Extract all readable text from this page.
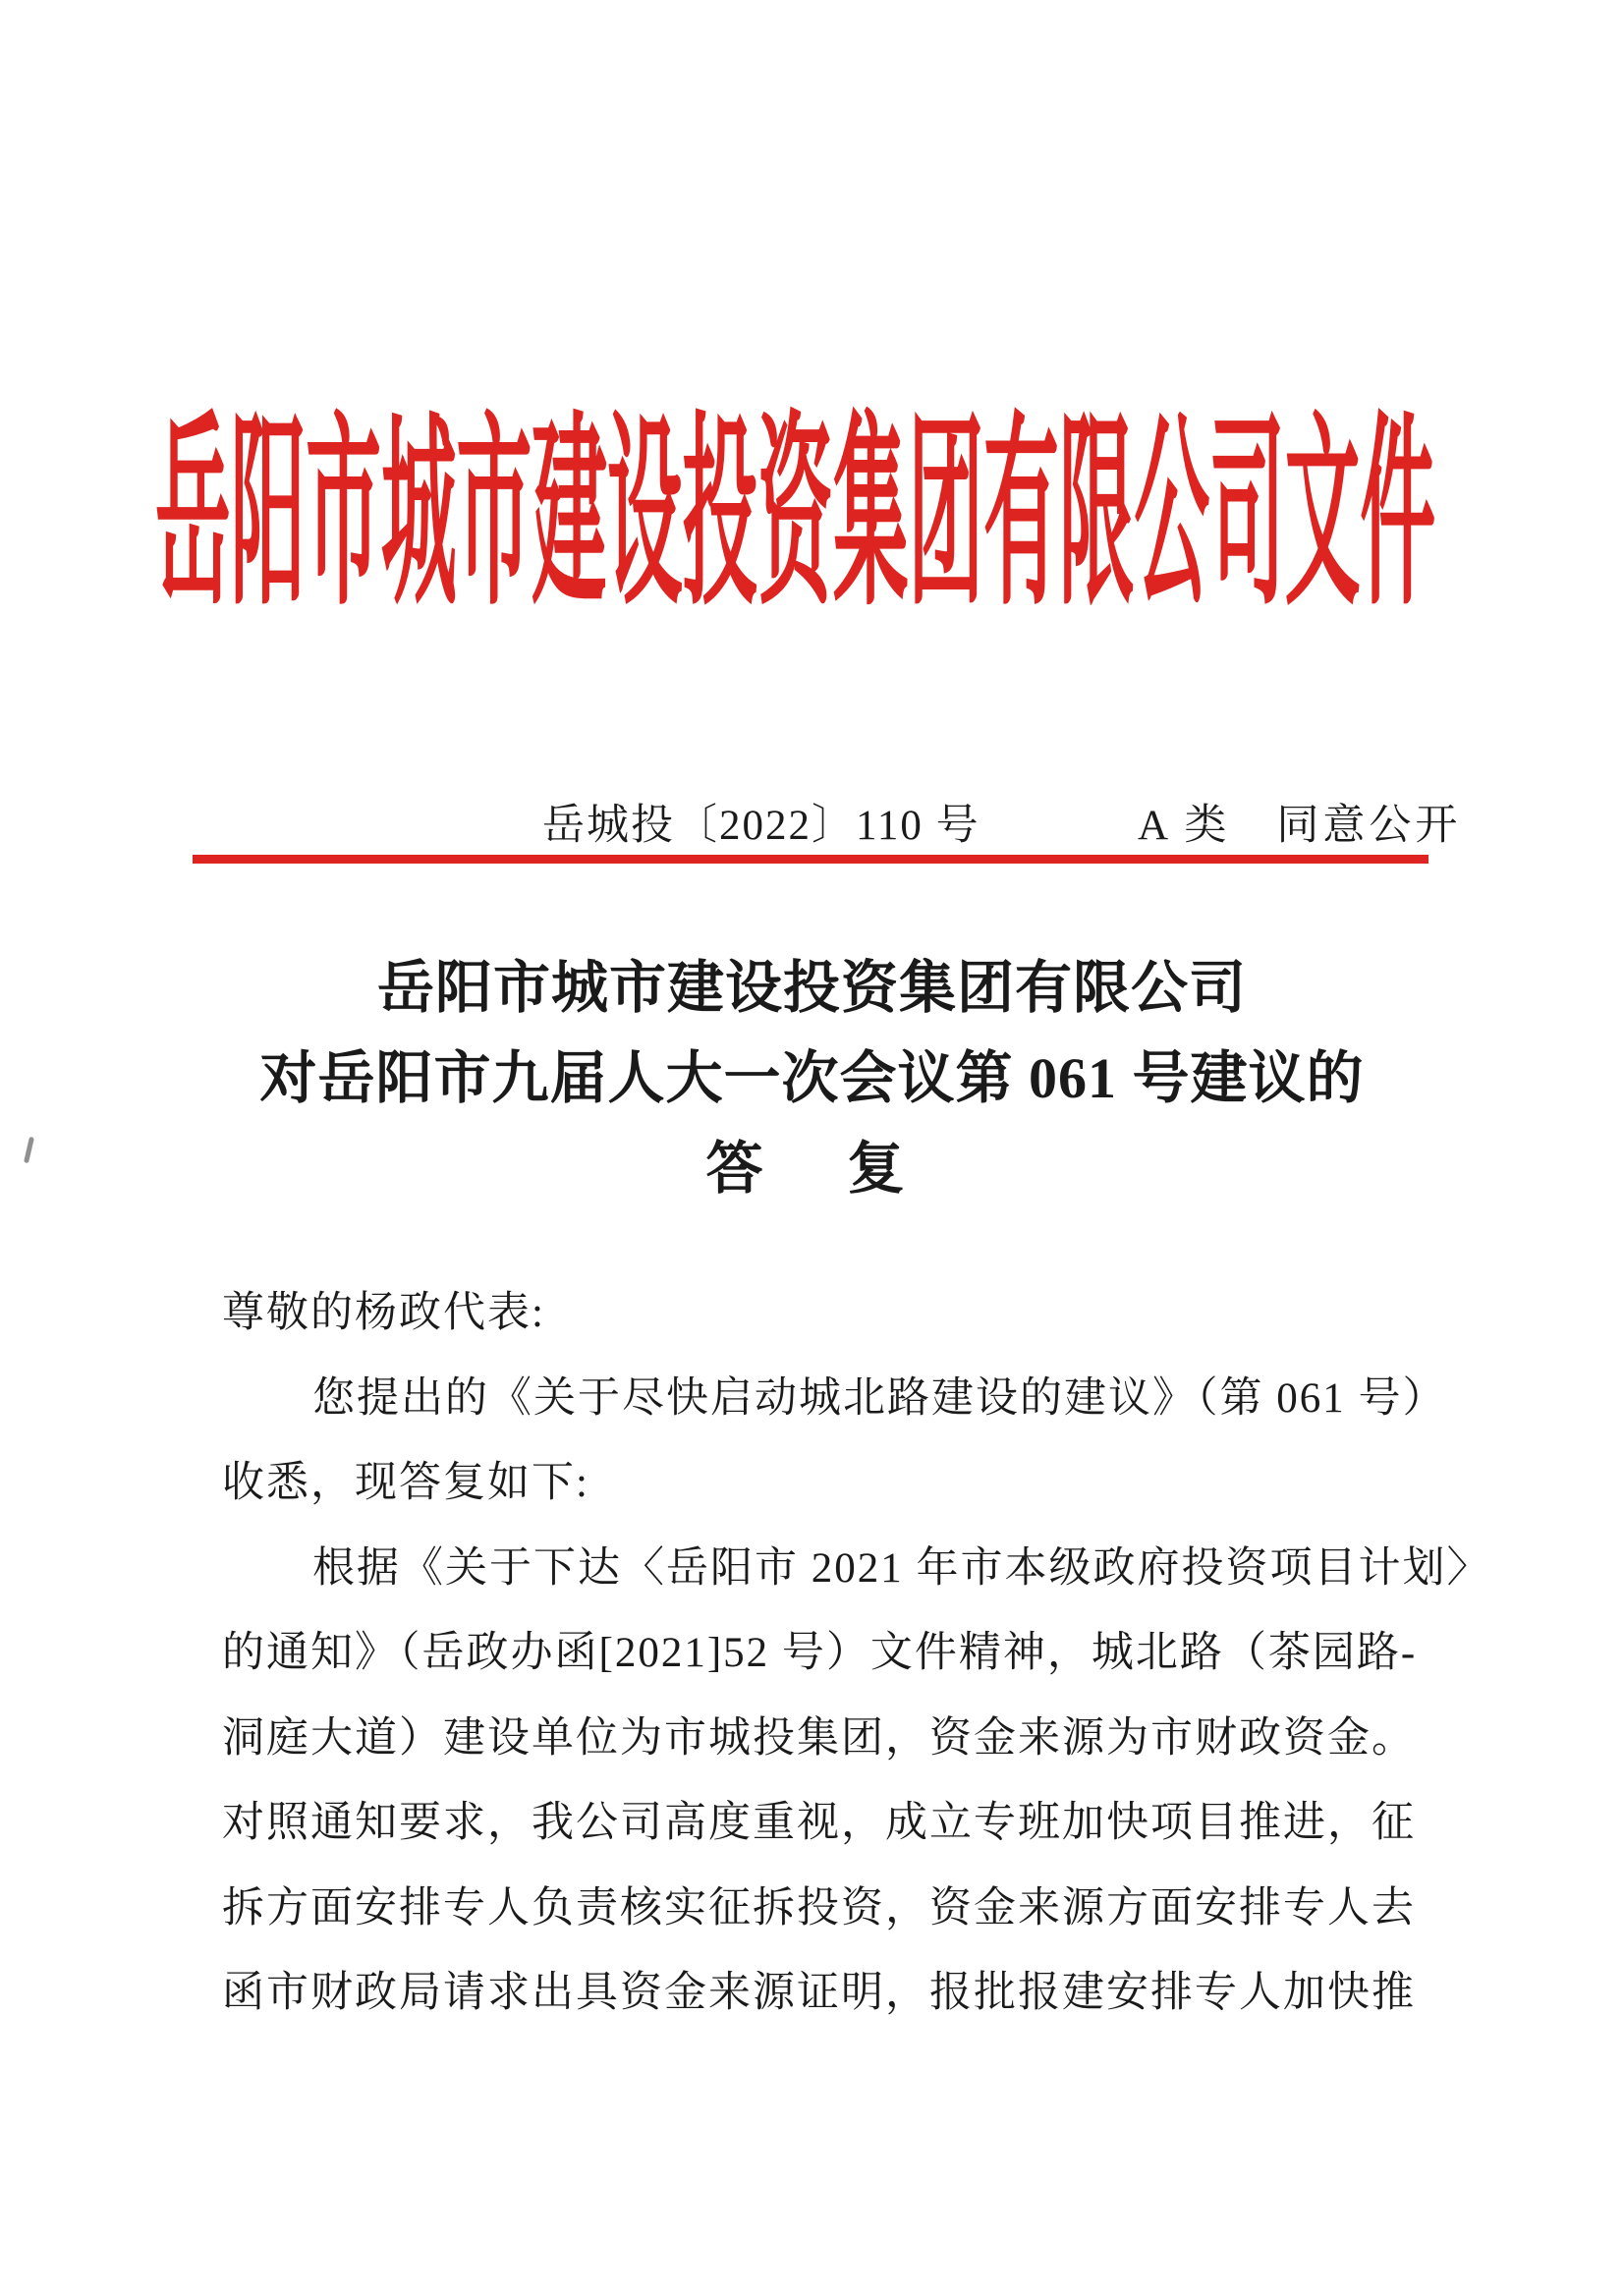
岳阳市城市建设投资集团有限公司文件
岳城投〔2022〕110 号	A 类　同意公开
岳阳市城市建设投资集团有限公司
对岳阳市九届人大一次会议第 061 号建议的
答　复
尊敬的杨政代表:
您提出的《关于尽快启动城北路建设的建议》（第 061 号）
收悉，现答复如下:
根据《关于下达〈岳阳市 2021 年市本级政府投资项目计划〉
的通知》（岳政办函[2021]52 号）文件精神，城北路（茶园路-
洞庭大道）建设单位为市城投集团，资金来源为市财政资金。
对照通知要求，我公司高度重视，成立专班加快项目推进，征
拆方面安排专人负责核实征拆投资，资金来源方面安排专人去
函市财政局请求出具资金来源证明，报批报建安排专人加快推
